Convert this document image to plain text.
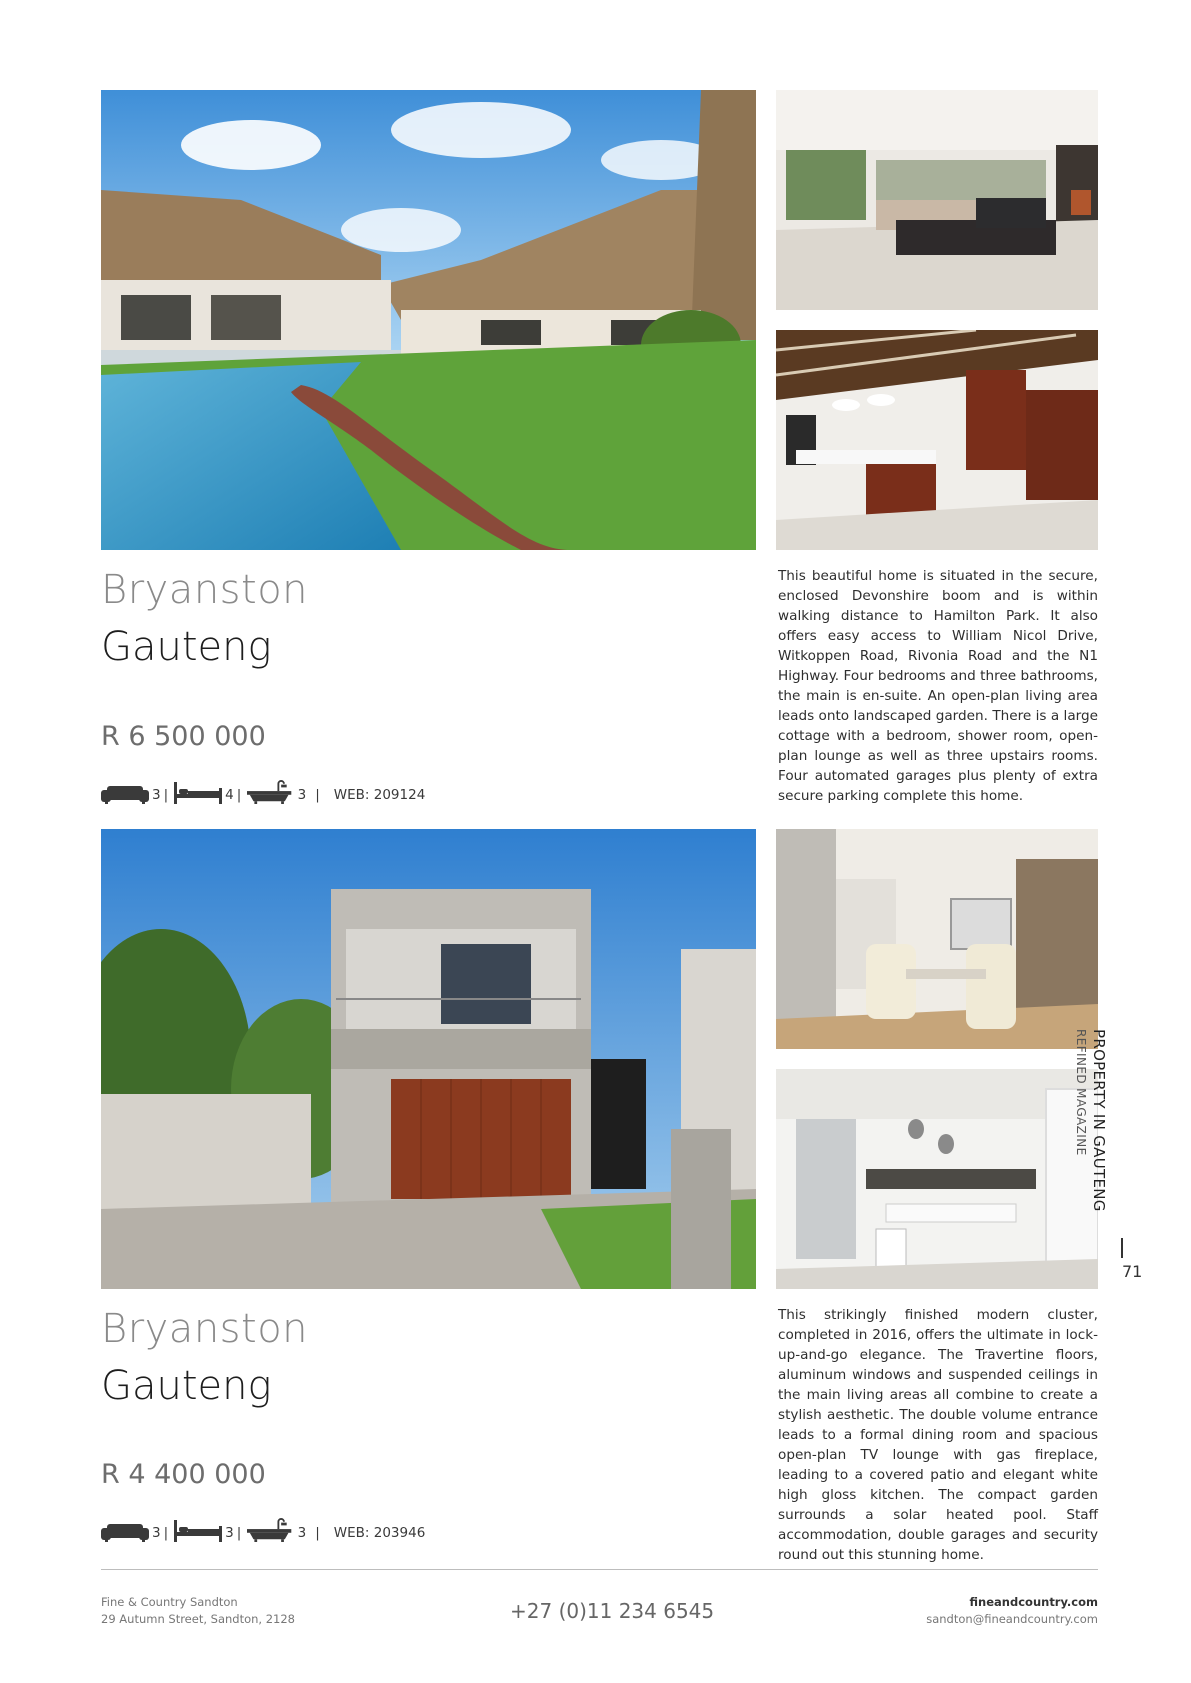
Bryanston
Gauteng
R 6 500 000
3 |	4 |	3 | WEB: 209124
This beautiful home is situated in the secure, enclosed Devonshire boom and is within walking distance to Hamilton Park. It also offers easy access to William Nicol Drive, Witkoppen Road, Rivonia Road and the N1 Highway. Four bedrooms and three bathrooms, the main is en-suite. An open-plan living area leads onto landscaped garden. There is a large cottage with a bedroom, shower room, open-plan lounge as well as three upstairs rooms. Four automated garages plus plenty of extra secure parking complete this home.
Bryanston
Gauteng
R 4 400 000
3 |	3 |	3 | WEB: 203946
This strikingly finished modern cluster, completed in 2016, offers the ultimate in lock-up-and-go elegance. The Travertine floors, aluminum windows and suspended ceilings in the main living areas all combine to create a stylish aesthetic. The double volume entrance leads to a formal dining room and spacious open-plan TV lounge with gas fireplace, leading to a covered patio and elegant white high gloss kitchen. The compact garden surrounds a solar heated pool. Staff accommodation, double garages and security round out this stunning home.
PROPERTY IN GAUTENG
REFINED MAGAZINE
71
Fine & Country Sandton
29 Autumn Street, Sandton, 2128	+27 (0)11 234 6545	fineandcountry.com
sandton@fineandcountry.com
